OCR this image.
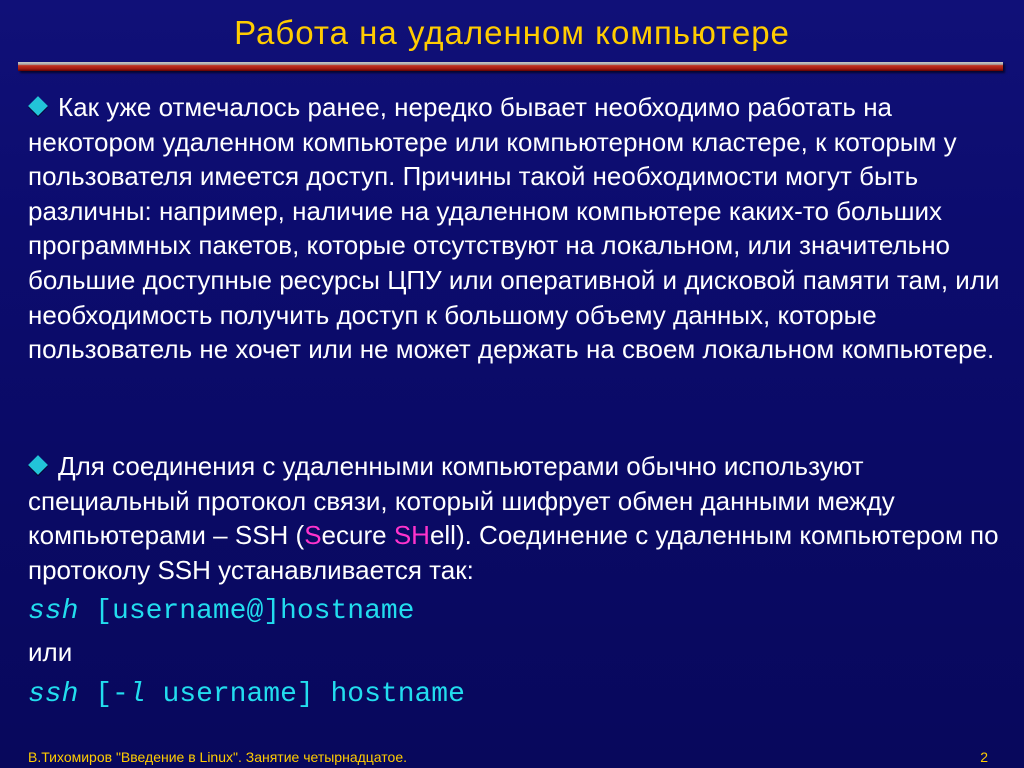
Работа на удаленном компьютере

Как уже отмечалось ранее, нередко бывает необходимо работать на некотором удаленном компьютере или компьютерном кластере, к которым у пользователя имеется доступ. Причины такой необходимости могут быть различны: например, наличие на удаленном компьютере каких-то больших программных пакетов, которые отсутствуют на локальном, или значительно большие доступные ресурсы ЦПУ или оперативной и дисковой памяти там, или необходимость получить доступ к большому объему данных, которые пользователь не хочет или не может держать на своем локальном компьютере.

Для соединения с удаленными компьютерами обычно используют специальный протокол связи, который шифрует обмен данными между компьютерами – SSH (Secure SHell). Соединение с удаленным компьютером по протоколу SSH устанавливается так:

ssh [username@]hostname
или
ssh [-l username] hostname
В.Тихомиров "Введение в Linux". Занятие четырнадцатое.	2
